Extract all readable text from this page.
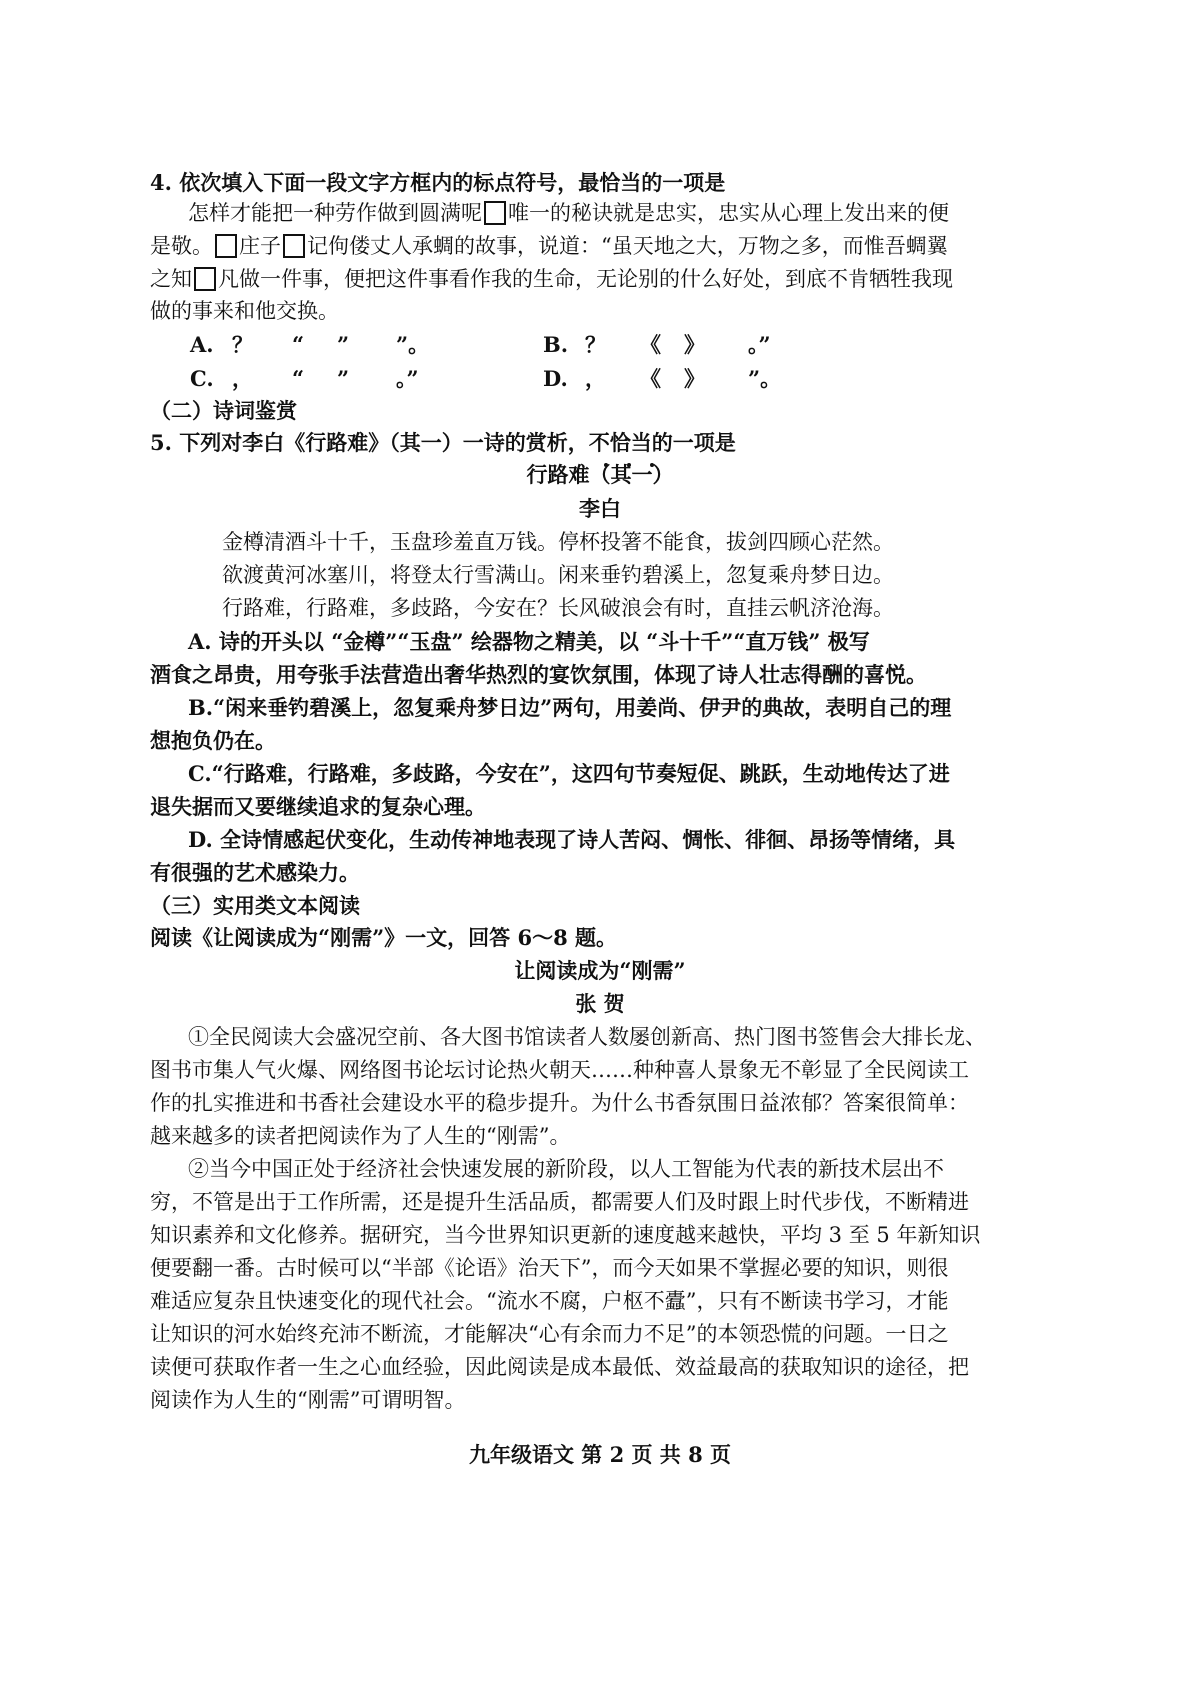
4. 依次填入下面一段文字方框内的标点符号，最恰当的一项是
怎样才能把一种劳作做到圆满呢 唯一的秘诀就是忠实，忠实从心理上发出来的便
是敬。 庄子 记佝偻丈人承蜩的故事，说道：“虽天地之大，万物之多，而惟吾蜩翼
之知 凡做一件事，便把这件事看作我的生命，无论别的什么好处，到底不肯牺牲我现
做的事来和他交换。
A. ？ “ ” ”。	B. ？ 《 》 。”
C. ， “ ” 。”	D. ， 《 》 ”。
（二）诗词鉴赏
5. 下列对李白《行路难》（其一）一诗的赏析，不恰当的一项是
行路难（其一）
李白
金樽清酒斗十千，玉盘珍羞直万钱。停杯投箸不能食，拔剑四顾心茫然。
欲渡黄河冰塞川，将登太行雪满山。闲来垂钓碧溪上，忽复乘舟梦日边。
行路难，行路难，多歧路，今安在？长风破浪会有时，直挂云帆济沧海。
A. 诗的开头以 “金樽”“玉盘” 绘器物之精美，以 “斗十千”“直万钱” 极写
酒食之昂贵，用夸张手法营造出奢华热烈的宴饮氛围，体现了诗人壮志得酬的喜悦。
B.“闲来垂钓碧溪上，忽复乘舟梦日边”两句，用姜尚、伊尹的典故，表明自己的理
想抱负仍在。
C.“行路难，行路难，多歧路，今安在”，这四句节奏短促、跳跃，生动地传达了进
退失据而又要继续追求的复杂心理。
D. 全诗情感起伏变化，生动传神地表现了诗人苦闷、惆怅、徘徊、昂扬等情绪，具
有很强的艺术感染力。
（三）实用类文本阅读
阅读《让阅读成为“刚需”》一文，回答 6～8 题。
让阅读成为“刚需”
张 贺
①全民阅读大会盛况空前、各大图书馆读者人数屡创新高、热门图书签售会大排长龙、
图书市集人气火爆、网络图书论坛讨论热火朝天……种种喜人景象无不彰显了全民阅读工
作的扎实推进和书香社会建设水平的稳步提升。为什么书香氛围日益浓郁？答案很简单：
越来越多的读者把阅读作为了人生的“刚需”。
②当今中国正处于经济社会快速发展的新阶段，以人工智能为代表的新技术层出不
穷，不管是出于工作所需，还是提升生活品质，都需要人们及时跟上时代步伐，不断精进
知识素养和文化修养。据研究，当今世界知识更新的速度越来越快，平均 3 至 5 年新知识
便要翻一番。古时候可以“半部《论语》治天下”，而今天如果不掌握必要的知识，则很
难适应复杂且快速变化的现代社会。“流水不腐，户枢不蠹”，只有不断读书学习，才能
让知识的河水始终充沛不断流，才能解决“心有余而力不足”的本领恐慌的问题。一日之
读便可获取作者一生之心血经验，因此阅读是成本最低、效益最高的获取知识的途径，把
阅读作为人生的“刚需”可谓明智。
九年级语文 第 2 页 共 8 页
